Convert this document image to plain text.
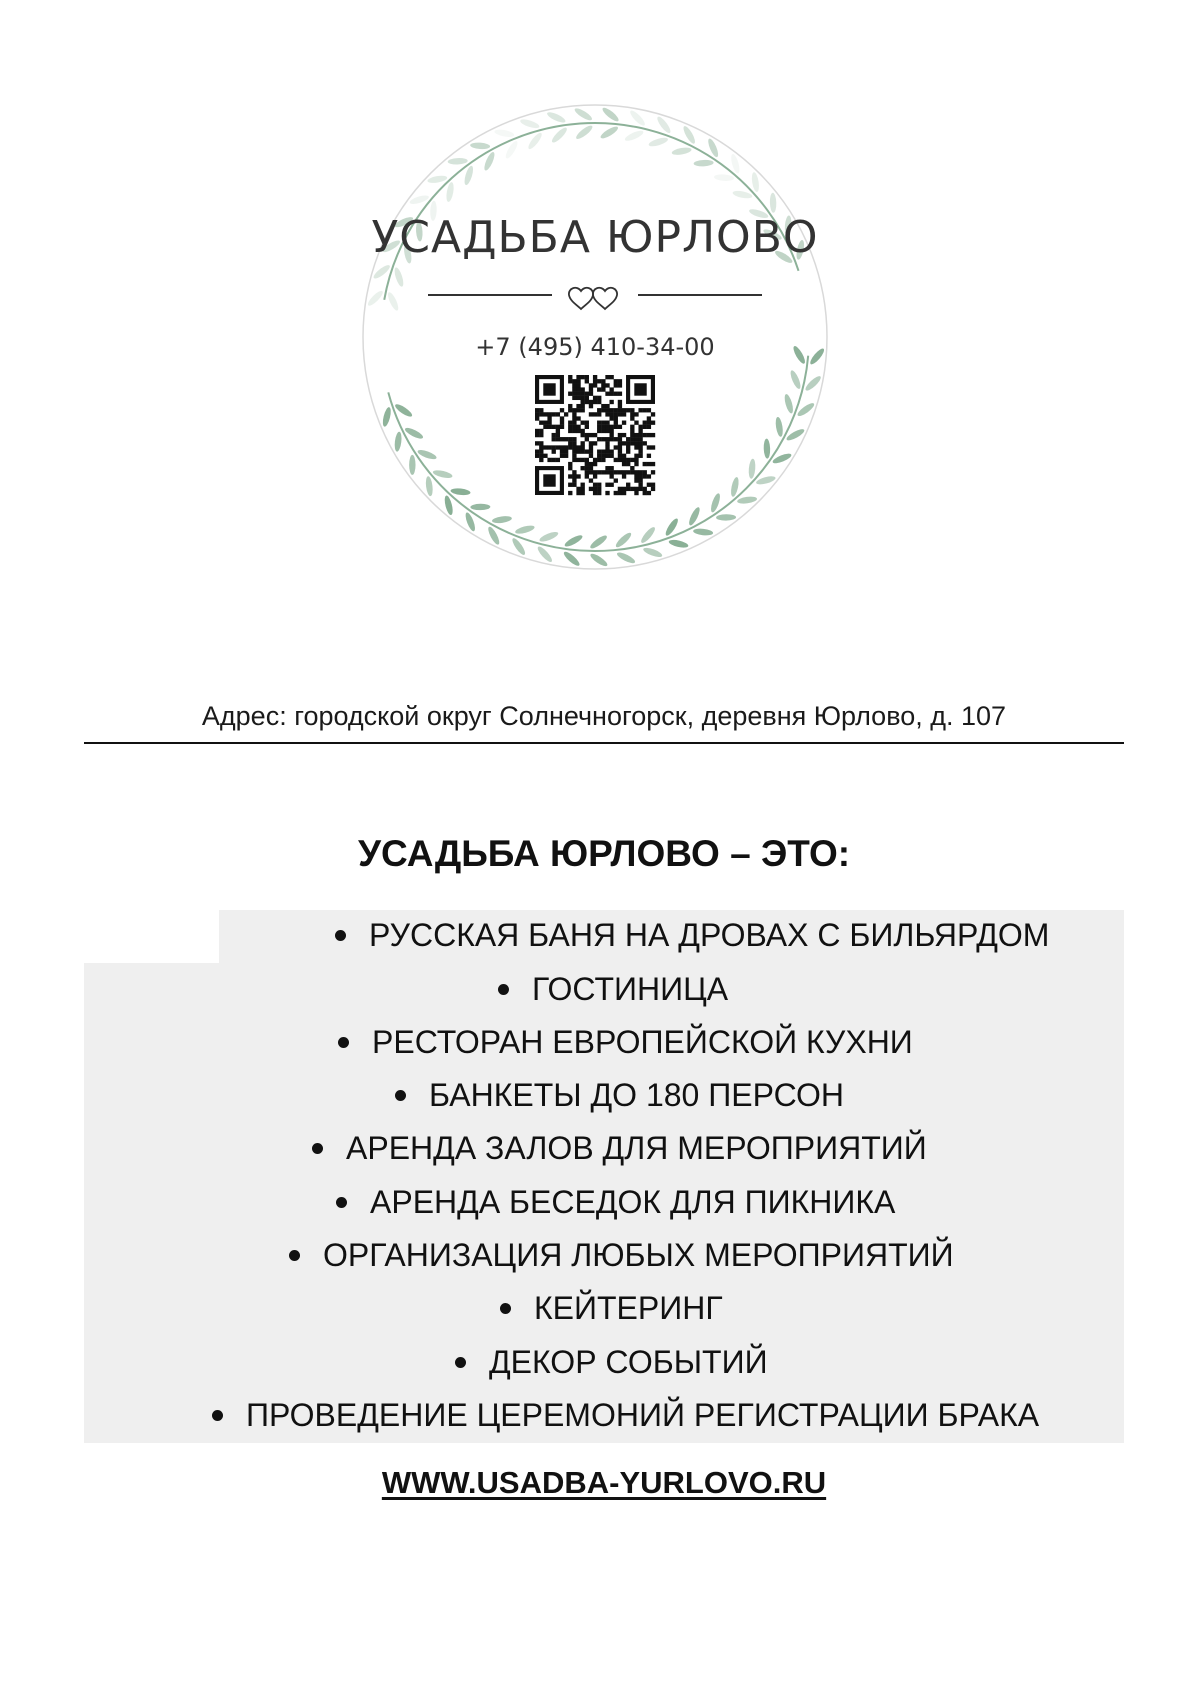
УСАДЬБА ЮРЛОВО
+7 (495) 410-34-00
Адрес: городской округ Солнечногорск, деревня Юрлово, д. 107
УСАДЬБА ЮРЛОВО – ЭТО:
РУССКАЯ БАНЯ НА ДРОВАХ С БИЛЬЯРДОМ
ГОСТИНИЦА
РЕСТОРАН ЕВРОПЕЙСКОЙ КУХНИ
БАНКЕТЫ ДО 180 ПЕРСОН
АРЕНДА ЗАЛОВ ДЛЯ МЕРОПРИЯТИЙ
АРЕНДА БЕСЕДОК ДЛЯ ПИКНИКА
ОРГАНИЗАЦИЯ ЛЮБЫХ МЕРОПРИЯТИЙ
КЕЙТЕРИНГ
ДЕКОР СОБЫТИЙ
ПРОВЕДЕНИЕ ЦЕРЕМОНИЙ РЕГИСТРАЦИИ БРАКА
WWW.USADBA-YURLOVO.RU
